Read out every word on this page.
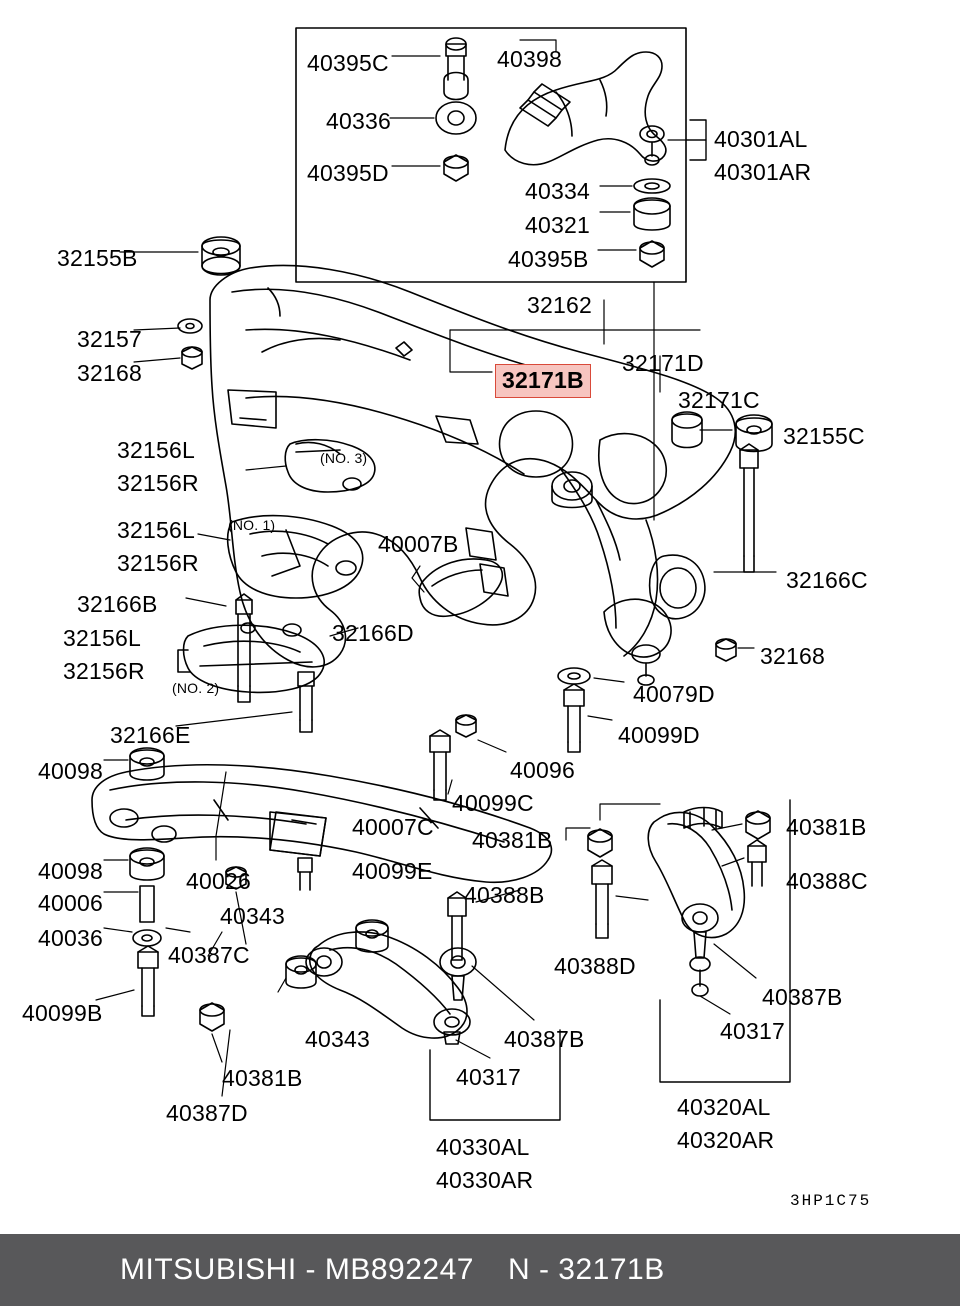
40395C	40398
40336
40301AL
40301AR
40395D
40334
40321
40395B
32155B
32162
32157
32171D
32168	32171B
32171C
32155C
32156L
32156R
32156L
40007B
32156R
32166C
32166B
32156L	32166D
32156R
32168
40079D
32166E	40099D
40098	40096
40099C
40381B
40007C 40381B
40388C
40098	40026	40099E
40006	40388B
40036
40343
40387C	40388D
40387B
40099B
40317
40343	40387B
40381B	40317
40387D	40320AL
40320AR
40330AL
40330AR
(NO. 3)
(NO. 1)
(NO. 2)
3HP1C75
MITSUBISHI - MB892247 N - 32171B
